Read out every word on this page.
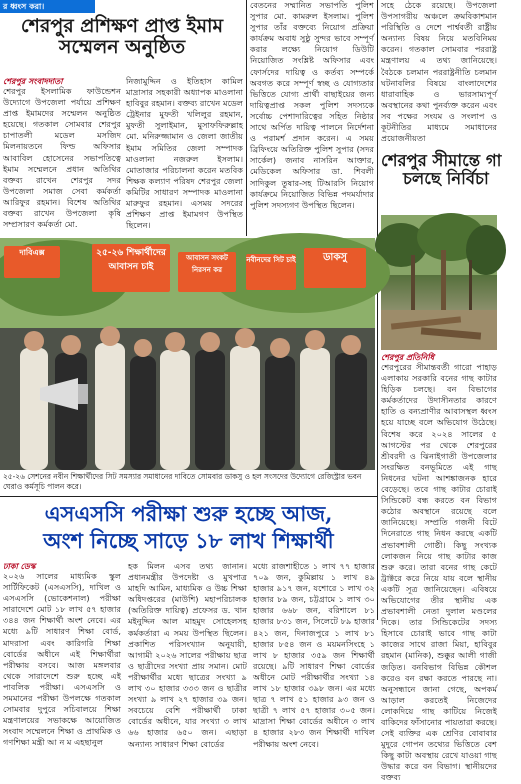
র ধ্বংস করা।
শেরপুর প্রশিক্ষণ প্রাপ্ত ইমাম
সম্মেলন অনুষ্ঠিত
শেরপুর সংবাদদাতা
শেরপুর ইসলামিক ফাউন্ডেশন উদ্যোগে উপজেলা পর্যায়ে প্রশিক্ষণ প্রাপ্ত ইমামদের সম্মেলন অনুষ্ঠিত হয়েছে। গতকাল সোমবার শেরপুর চাপাতলী মডেল মসজিদ মিলনায়তনে ফিল্ড অফিসার আবাবিল হোসেনের সভাপতিত্বে ইমাম সম্মেলনে প্রধান অতিথির বক্তব্য রাখেন শেরপুর সদর উপজেলা সমাজ সেবা কর্মকর্তা আরিফুর রহমান। বিশেষ অতিথির বক্তব্য রাখেন উপজেলা কৃষি সম্প্রসারণ কর্মকর্তা মো.
নিজামুদ্দিন ও ইতিহাস কামিল মাদ্রাসার সহকারী অধ্যাপক মাওলানা হাবিবুর রহমান। বক্তব্য রাখেন মডেল ট্রেইনার মুফতী খলিলুর রহমান, মুফতী সুলাইমান, মুসাফফিরুল্লাহ মো. মনিরুজ্জামান ও জেলা জাতীয় ইমাম সমিতির জেলা সম্পাদক মাওলানা নজরুল ইসলাম। মোতাজার পরিচালনা করেন মতবিক শিক্ষক কল্যাণ পরিষদ শেরপুর জেলা কমিটির সাধারণ সম্পাদক মাওলানা মারুফুর রহমান। এসময় সদরের প্রশিক্ষণ প্রাপ্ত ইমামগণ উপস্থিত ছিলেন।
বেতনের সম্মানিত সভাপতি পুলিশ সুপার মো. কামরুল ইসলাম। পুলিশ সুপার তাঁর বক্তব্যে নিয়োগ প্রক্রিয়া কার্যক্রম অবাধ সুষ্ঠু সুন্দর ভাবে সম্পূর্ণ করার লক্ষ্যে নিয়োগ ডিউটি নিয়োজিত সংশ্লিষ্ট অফিসার এবং ফোর্সদের দায়িত্ব ও কর্তব্য সম্পর্কে অবগত করে সম্পূর্ণ স্বচ্ছ ও যোগ্যতার ভিত্তিতে যোগ্য প্রার্থী বাছাইয়ের জন্য দায়িত্বপ্রাপ্ত সকল পুলিশ সদস্যকে সর্বোচ্চ পেশাদারিত্বের সহিত নিষ্ঠার সাথে অর্পিত দায়িত্ব পালনে নির্দেশনা ও পরামর্শ প্রদান করেন। এ সময় ব্রিফিংয়ে অতিরিক্ত পুলিশ সুপার (সদর সার্কেল) জনাব নাসরিন আক্তার, মেডিকেল অফিসার ডা. শিবলী সাদিকুল তুষার-সহ টিআরসি নিয়োগ কার্যক্রমে নিয়োজিত বিভিন্ন পদমর্যাদার পুলিশ সদস্যগণ উপস্থিত ছিলেন।
সহে ঠেকে রয়েছে। উপজেলা উপসাগরীয় অঞ্চলে ক্রমবিকাশমান পরিস্থিতি ও দেশে পার্শ্ববর্তী রাষ্ট্রীয় অন্যান্য বিষয় নিয়ে মতবিনিময় করেন। গতকাল সোমবার পররাষ্ট্র মন্ত্রণালয় এ তথ্য জানিয়েছে। বৈঠকে চলমান পররাষ্ট্রনীতি চলমান ঘটনাবলির বিষয়ে বাংলাদেশের ধারাবাহিক ও ভারসাম্যপূর্ণ অবস্থানের কথা পুনর্ব্যক্ত করেন এবং সব পক্ষের সংযম ও সংলাপ ও কূটনীতির মাধ্যমে সমাধানের প্রয়োজনীয়তা
শেরপুর সীমান্তে গা
চলছে নির্বিচা
শেরপুর প্রতিনিধি
শেরপুরের সীমান্তবর্তী গারো পাহাড় এলাকায় সরকারি বনের গাছ কাটার হিড়িক চলছে। বন বিভাগের কর্মকর্তাদের উদাসীনতার কারণে হাতি ও বন্যপ্রাণীর আবাসস্থল ধ্বংস হয়ে যাচ্ছে বলে অভিযোগ উঠেছে। বিশেষ করে ২০২৪ সালের ৫ আগস্টের পর থেকে শেরপুরের শ্রীবরদী ও ঝিনাইগাতী উপজেলার সংরক্ষিত বনভূমিতে এই গাছ নিধনের ঘটনা আশঙ্কাজনক হারে বেড়েছে। তবে গাছ কাটার চোরাই সিন্ডিকেট বন্ধ করতে বন বিভাগ কঠোর অবস্থানে রয়েছে বলে জানিয়েছে। সম্প্রতি গজনী বিটে দিনেরাতে গাছ নিধন করছে একটি প্রভাবশালী গোষ্ঠী। কিছু সংখ্যক লোকজন নিয়ে গাছ কাটার কাজ শুরু করে। তারা বনের গাছ কেটে ট্রাক্টরে করে নিয়ে যায় বলে স্থানীয় একটি সূত্র জানিয়েছেন। এবিষয়ে অভিযোগের তীর স্থানীয় এক প্রভাবশালী নেতা দুলাল মণ্ডলের দিকে। তার সিন্ডিকেটের সদস্য হিসাবে চোরাই ভাবে গাছ কাটা কাজের সাথে রাজা মিয়া, হাবিবুর রহমান (মানিক), শুক্কুর আলী গাজী জড়িত। বনবিভাগ বিভিন্ন কৌশল করেও বন রক্ষা করতে পারছে না। অনুসন্ধানে জানা গেছে, অপকর্ম আড়াল করতেই নিজেদের লোকদিয়ে গাছ কাটিয়ে নিজেই বাকিদের ফাঁসানোর পায়তারা করছে। সেই ব্যক্তির এক শ্রেণির বোবাবার মুদুরে গোপন তথ্যের ভিত্তিতে বেশ কিছু কাটা অবস্থায় রেখে যাওয়া গাছ উদ্ধার করে বন বিভাগ। স্থানীয়দের বক্তব্য
দাবিএক্স	২৫-২৬ শিক্ষার্থীদের আবাসন চাই
আবাসন সংকট নিরসন কর
নবীনদের সিট চাই	ডাকসু
২৫-২৬ সেশনের নবীন শিক্ষার্থীদের সিট সমস্যার সমাধানের দাবিতে সোমবার ডাকসু ও হল সংসদের উদ্যোগে রেজিস্ট্রার ভবন ঘেরাও কর্মসূচি পালন করে।
এসএসসি পরীক্ষা শুরু হচ্ছে আজ,
অংশ নিচ্ছে সাড়ে ১৮ লাখ শিক্ষার্থী
ঢাকা ডেস্ক
২০২৬ সালের মাধ্যমিক স্কুল সার্টিফিকেট (এসএসসি), দাখিল ও এসএসসি (ভোকেশনাল) পরীক্ষা সারাদেশে মোট ১৮ লাখ ৫৭ হাজার ৩৪৪ জন শিক্ষার্থী অংশ নেবে। এর মধ্যে ৯টি সাধারণ শিক্ষা বোর্ড, মাদরাসা এবং কারিগরি শিক্ষা বোর্ডের অধীনে এই শিক্ষার্থীরা পরীক্ষায় বসবে। আজ মঙ্গলবার থেকে সারাদেশে শুরু হচ্ছে এই পাবলিক পরীক্ষা। এসএসসি ও সমমানের পরীক্ষা উপলক্ষে গতকাল সোমবার দুপুরে সচিবালয়ে শিক্ষা মন্ত্রণালয়ের সভাকক্ষে আয়োজিত সংবাদ সম্মেলনে শিক্ষা ও প্রাথমিক ও গণশিক্ষা মন্ত্রী আ ন ম এহছানুল
হক মিলন এসব তথ্য জানান। প্রধানমন্ত্রীর উপদেষ্টা ও মুখপাত্র মাহদি আমিন, মাধ্যমিক ও উচ্চ শিক্ষা অধিদপ্তরের (মাউশি) মহাপরিচালক (অতিরিক্ত দায়িত্ব) প্রফেসর ড. খান মইনুদ্দিন আল মাহমুদ সোহেলসহ কর্মকর্তারা এ সময় উপস্থিত ছিলেন। প্রকাশিত পরিসংখ্যান অনুযায়ী, আগামী ২০২৬ সালের পরীক্ষায় ছাত্র ও ছাত্রীদের সংখ্যা প্রায় সমান। মোট পরীক্ষার্থীর মধ্যে ছাত্রের সংখ্যা ৯ লাখ ৩০ হাজার ৩৩৩ জন ও ছাত্রীর সংখ্যা ৯ লাখ ২৭ হাজার ৩৯ জন। সবচেয়ে বেশি পরীক্ষার্থী ঢাকা বোর্ডের অধীনে, যার সংখ্যা ৩ লাখ ৬৬ হাজার ৬৫০ জন। এছাড়া অন্যান্য সাধারণ শিক্ষা বোর্ডের
মধ্যে রাজশাহীতে ১ লাখ ৭৭ হাজার ৭০৯ জন, কুমিল্লায় ১ লাখ ৪৯ হাজার ৯১৭ জন, যশোরে ১ লাখ ৩২ হাজার ৮৯ জন, চট্টগ্রামে ১ লাখ ৩০ হাজার ৬৬৮ জন, বরিশালে ৮১ হাজার ৮৩১ জন, সিলেটে ৮৯ হাজার ৪২১ জন, দিনাজপুরে ১ লাখ ৮১ হাজার ৮৫৪ জন ও ময়মনসিংহে ১ লাখ ৮ হাজার ৩৫৯ জন শিক্ষার্থী রয়েছে। ৯টি সাধারণ শিক্ষা বোর্ডের অধীনে মোট পরীক্ষার্থীর সংখ্যা ১৪ লাখ ১৮ হাজার ৩৯৮ জন। এর মধ্যে ছাত্র ৭ লাখ ৫১ হাজার ৯৩ জন ও ছাত্রী ৭ লাখ ৫৭ হাজার ৩০৫ জন। মাদ্রাসা শিক্ষা বোর্ডের অধীনে ৩ লাখ ৪ হাজার ২৮৩ জন শিক্ষার্থী দাখিল পরীক্ষায় অংশ নেবে।
